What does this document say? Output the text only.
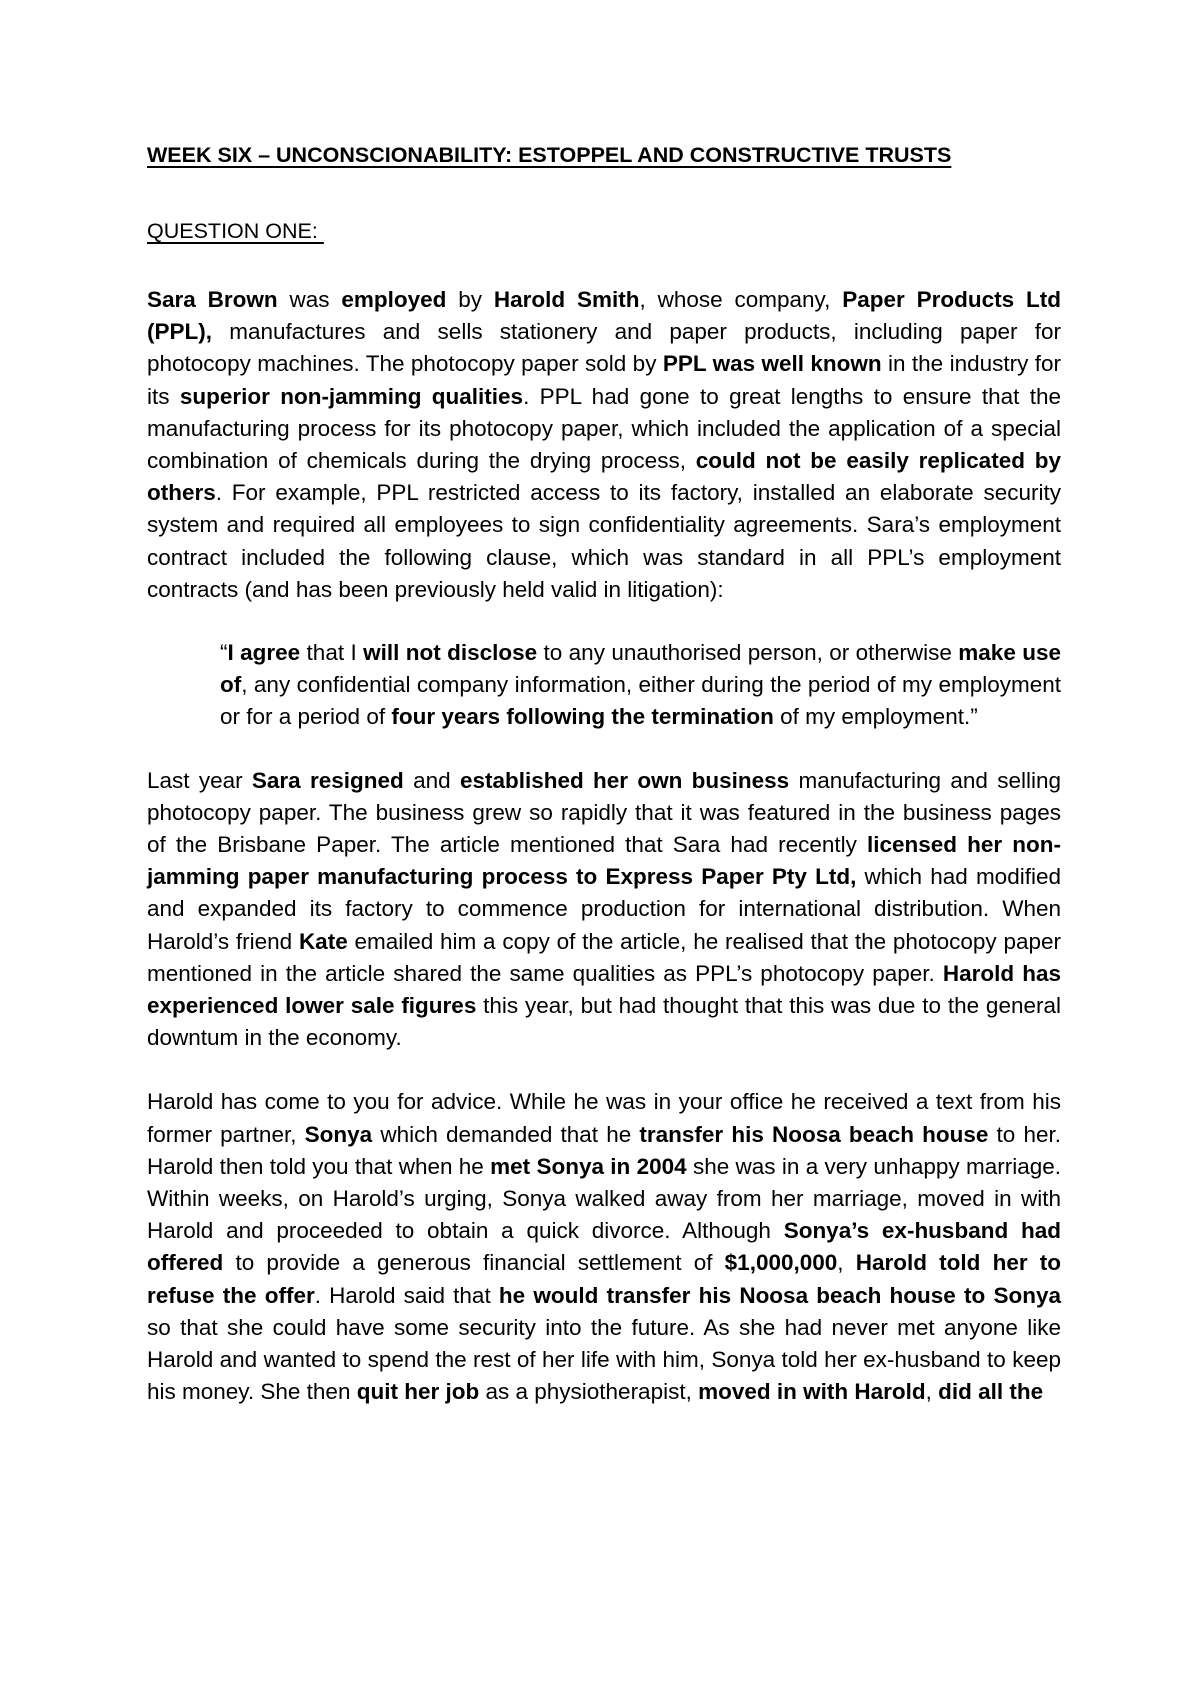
WEEK SIX – UNCONSCIONABILITY: ESTOPPEL AND CONSTRUCTIVE TRUSTS
QUESTION ONE:

Sara Brown was employed by Harold Smith, whose company, Paper Products Ltd (PPL), manufactures and sells stationery and paper products, including paper for photocopy machines. The photocopy paper sold by PPL was well known in the industry for its superior non-jamming qualities. PPL had gone to great lengths to ensure that the manufacturing process for its photocopy paper, which included the application of a special combination of chemicals during the drying process, could not be easily replicated by others. For example, PPL restricted access to its factory, installed an elaborate security system and required all employees to sign confidentiality agreements. Sara’s employment contract included the following clause, which was standard in all PPL’s employment contracts (and has been previously held valid in litigation):

“I agree that I will not disclose to any unauthorised person, or otherwise make use of, any confidential company information, either during the period of my employment or for a period of four years following the termination of my employment.”

Last year Sara resigned and established her own business manufacturing and selling photocopy paper. The business grew so rapidly that it was featured in the business pages of the Brisbane Paper. The article mentioned that Sara had recently licensed her non-jamming paper manufacturing process to Express Paper Pty Ltd, which had modified and expanded its factory to commence production for international distribution. When Harold’s friend Kate emailed him a copy of the article, he realised that the photocopy paper mentioned in the article shared the same qualities as PPL’s photocopy paper. Harold has experienced lower sale figures this year, but had thought that this was due to the general downtum in the economy.

Harold has come to you for advice. While he was in your office he received a text from his former partner, Sonya which demanded that he transfer his Noosa beach house to her. Harold then told you that when he met Sonya in 2004 she was in a very unhappy marriage. Within weeks, on Harold’s urging, Sonya walked away from her marriage, moved in with Harold and proceeded to obtain a quick divorce. Although Sonya’s ex-husband had offered to provide a generous financial settlement of $1,000,000, Harold told her to refuse the offer. Harold said that he would transfer his Noosa beach house to Sonya so that she could have some security into the future. As she had never met anyone like Harold and wanted to spend the rest of her life with him, Sonya told her ex-husband to keep his money. She then quit her job as a physiotherapist, moved in with Harold, did all the
